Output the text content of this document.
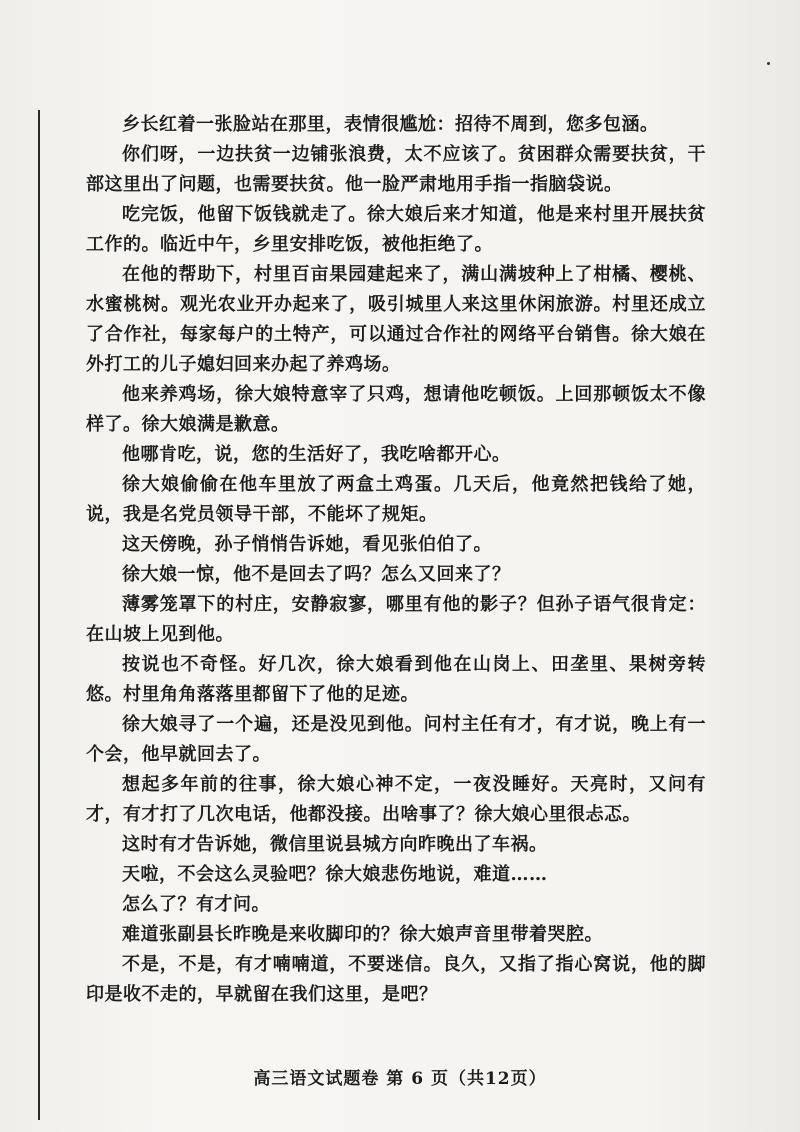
乡长红着一张脸站在那里，表情很尴尬：招待不周到，您多包涵。

你们呀，一边扶贫一边铺张浪费，太不应该了。贫困群众需要扶贫，干部这里出了问题，也需要扶贫。他一脸严肃地用手指一指脑袋说。

吃完饭，他留下饭钱就走了。徐大娘后来才知道，他是来村里开展扶贫工作的。临近中午，乡里安排吃饭，被他拒绝了。

在他的帮助下，村里百亩果园建起来了，满山满坡种上了柑橘、樱桃、水蜜桃树。观光农业开办起来了，吸引城里人来这里休闲旅游。村里还成立了合作社，每家每户的土特产，可以通过合作社的网络平台销售。徐大娘在外打工的儿子媳妇回来办起了养鸡场。

他来养鸡场，徐大娘特意宰了只鸡，想请他吃顿饭。上回那顿饭太不像样了。徐大娘满是歉意。

他哪肯吃，说，您的生活好了，我吃啥都开心。

徐大娘偷偷在他车里放了两盒土鸡蛋。几天后，他竟然把钱给了她，说，我是名党员领导干部，不能坏了规矩。

这天傍晚，孙子悄悄告诉她，看见张伯伯了。

徐大娘一惊，他不是回去了吗？怎么又回来了？

薄雾笼罩下的村庄，安静寂寥，哪里有他的影子？但孙子语气很肯定：在山坡上见到他。

按说也不奇怪。好几次，徐大娘看到他在山岗上、田垄里、果树旁转悠。村里角角落落里都留下了他的足迹。

徐大娘寻了一个遍，还是没见到他。问村主任有才，有才说，晚上有一个会，他早就回去了。

想起多年前的往事，徐大娘心神不定，一夜没睡好。天亮时，又问有才，有才打了几次电话，他都没接。出啥事了？徐大娘心里很忐忑。

这时有才告诉她，微信里说县城方向昨晚出了车祸。

天啦，不会这么灵验吧？徐大娘悲伤地说，难道……

怎么了？有才问。

难道张副县长昨晚是来收脚印的？徐大娘声音里带着哭腔。

不是，不是，有才喃喃道，不要迷信。良久，又指了指心窝说，他的脚印是收不走的，早就留在我们这里，是吧？

高三语文试题卷 第 6 页（共12页）
